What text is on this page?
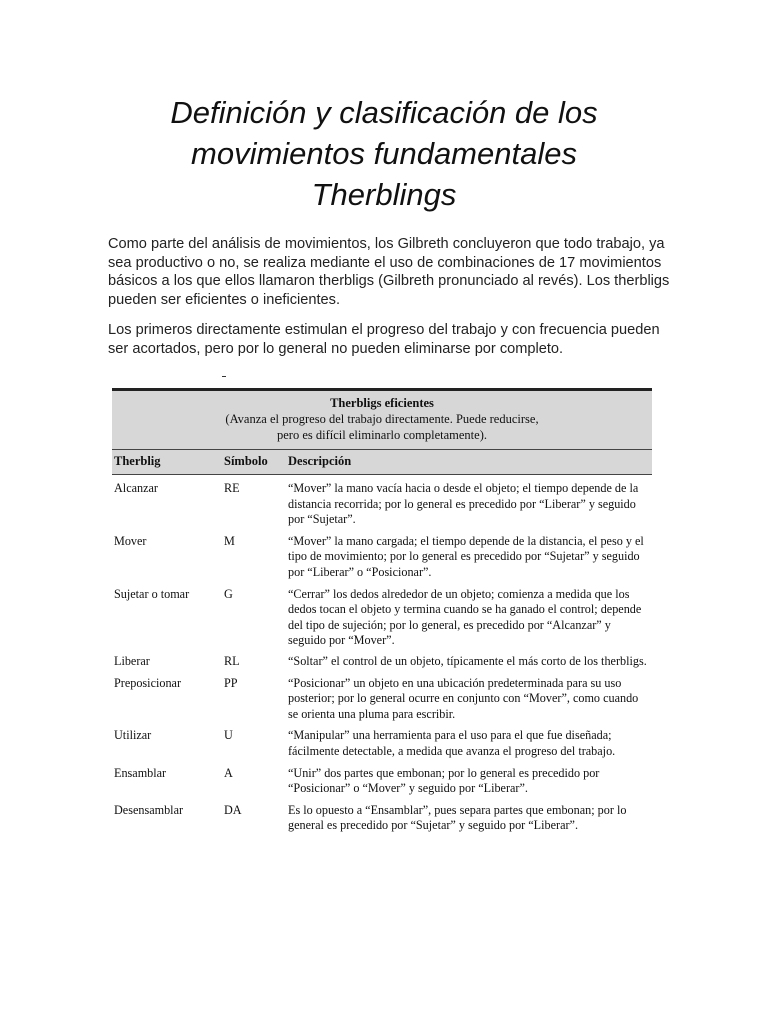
Definición y clasificación de los
movimientos fundamentales
Therblings

Como parte del análisis de movimientos, los Gilbreth concluyeron que todo trabajo, ya sea productivo o no, se realiza mediante el uso de combinaciones de 17 movimientos básicos a los que ellos llamaron therbligs (Gilbreth pronunciado al revés). Los therbligs pueden ser eficientes o ineficientes.

Los primeros directamente estimulan el progreso del trabajo y con frecuencia pueden ser acortados, pero por lo general no pueden eliminarse por completo.

Therbligs eficientes
(Avanza el progreso del trabajo directamente. Puede reducirse,
pero es difícil eliminarlo completamente).
Therblig	Símbolo	Descripción
Alcanzar	RE	“Mover” la mano vacía hacia o desde el objeto; el tiempo depende de la distancia recorrida; por lo general es precedido por “Liberar” y seguido por “Sujetar”.
Mover	M	“Mover” la mano cargada; el tiempo depende de la distancia, el peso y el tipo de movimiento; por lo general es precedido por “Sujetar” y seguido por “Liberar” o “Posicionar”.
Sujetar o tomar	G	“Cerrar” los dedos alrededor de un objeto; comienza a medida que los dedos tocan el objeto y termina cuando se ha ganado el control; depende del tipo de sujeción; por lo general, es precedido por “Alcanzar” y seguido por “Mover”.
Liberar	RL	“Soltar” el control de un objeto, típicamente el más corto de los therbligs.
Preposicionar	PP	“Posicionar” un objeto en una ubicación predeterminada para su uso posterior; por lo general ocurre en conjunto con “Mover”, como cuando se orienta una pluma para escribir.
Utilizar	U	“Manipular” una herramienta para el uso para el que fue diseñada; fácilmente detectable, a medida que avanza el progreso del trabajo.
Ensamblar	A	“Unir” dos partes que embonan; por lo general es precedido por “Posicionar” o “Mover” y seguido por “Liberar”.
Desensamblar	DA	Es lo opuesto a “Ensamblar”, pues separa partes que embonan; por lo general es precedido por “Sujetar” y seguido por “Liberar”.
